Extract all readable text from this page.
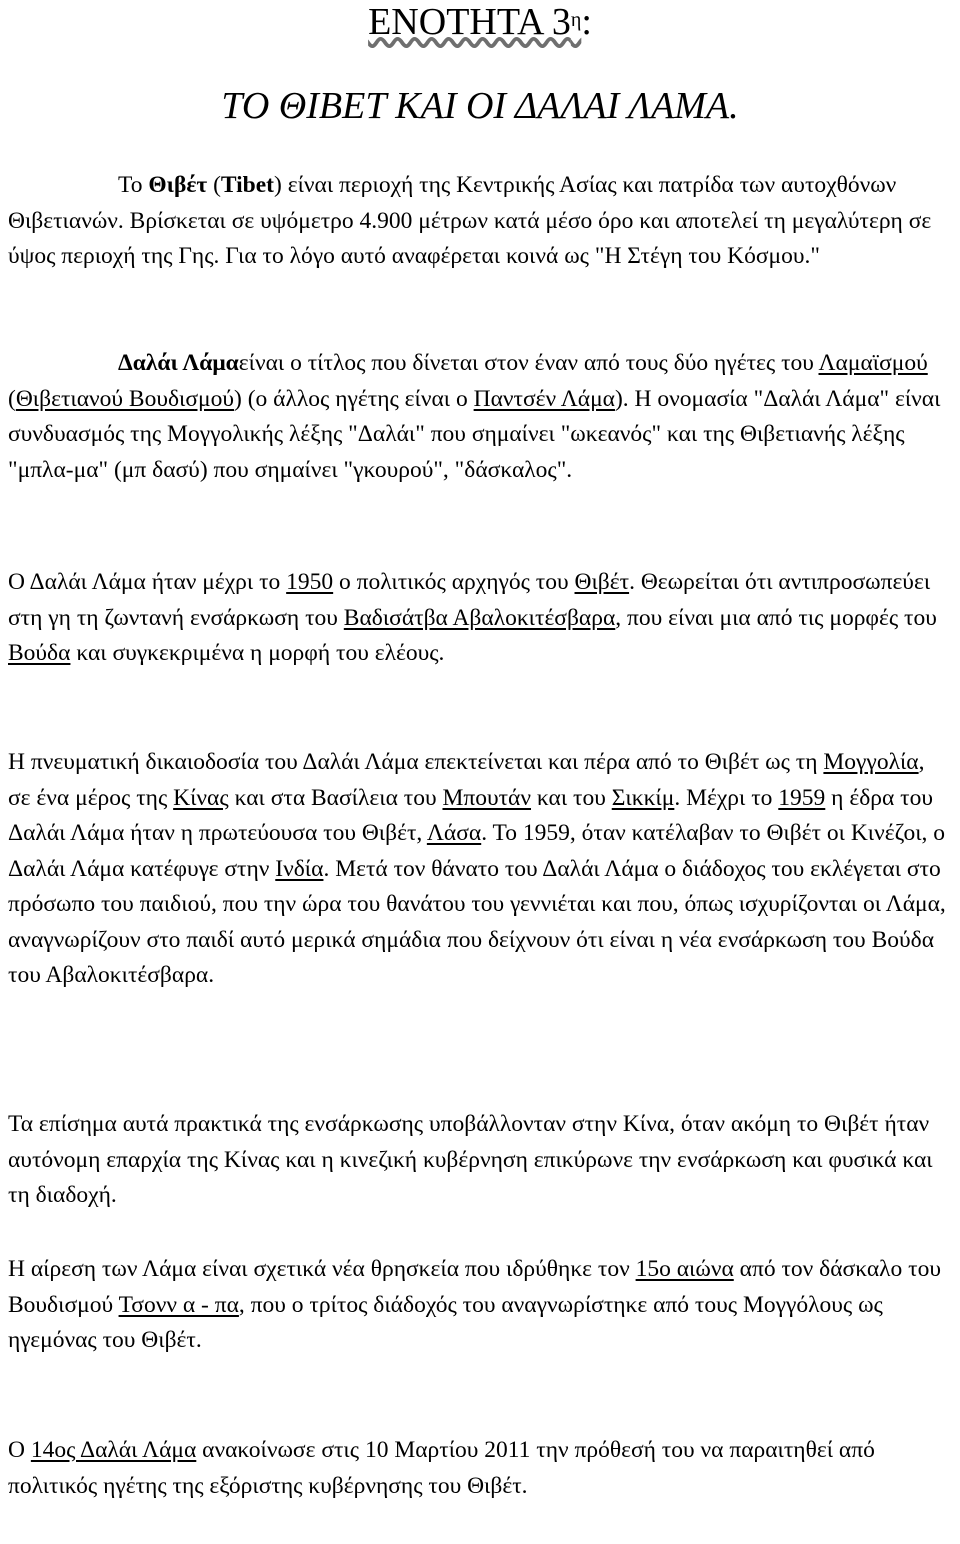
ΕΝΟΤΗΤΑ $3^\eta$:
ΤΟ ΘΙΒΕΤ ΚΑΙ ΟΙ ΔΑΛΑΙ ΛΑΜΑ.

Το Θιβέτ (Tibet) είναι περιοχή της Κεντρικής Ασίας και πατρίδα των αυτοχθόνων Θιβετιανών. Βρίσκεται σε υψόμετρο 4.900 μέτρων κατά μέσο όρο και αποτελεί τη μεγαλύτερη σε ύψος περιοχή της Γης. Για το λόγο αυτό αναφέρεται κοινά ως "Η Στέγη του Κόσμου."

Δαλάι Λάμαείναι ο τίτλος που δίνεται στον έναν από τους δύο ηγέτες του Λαμαϊσμού (Θιβετιανού Βουδισμού) (ο άλλος ηγέτης είναι ο Παντσέν Λάμα). Η ονομασία "Δαλάι Λάμα" είναι συνδυασμός της Μογγολικής λέξης "Δαλάι" που σημαίνει "ωκεανός" και της Θιβετιανής λέξης "μπλα-μα" (μπ δασύ) που σημαίνει "γκουρού", "δάσκαλος".

Ο Δαλάι Λάμα ήταν μέχρι το 1950 ο πολιτικός αρχηγός του Θιβέτ. Θεωρείται ότι αντιπροσωπεύει στη γη τη ζωντανή ενσάρκωση του Βαδισάτβα Αβαλοκιτέσβαρα, που είναι μια από τις μορφές του Βούδα και συγκεκριμένα η μορφή του ελέους.

Η πνευματική δικαιοδοσία του Δαλάι Λάμα επεκτείνεται και πέρα από το Θιβέτ ως τη Μογγολία, σε ένα μέρος της Κίνας και στα Βασίλεια του Μπουτάν και του Σικκίμ. Μέχρι το 1959 η έδρα του Δαλάι Λάμα ήταν η πρωτεύουσα του Θιβέτ, Λάσα. Το 1959, όταν κατέλαβαν το Θιβέτ οι Κινέζοι, ο Δαλάι Λάμα κατέφυγε στην Ινδία. Μετά τον θάνατο του Δαλάι Λάμα ο διάδοχος του εκλέγεται στο πρόσωπο του παιδιού, που την ώρα του θανάτου του γεννιέται και που, όπως ισχυρίζονται οι Λάμα, αναγνωρίζουν στο παιδί αυτό μερικά σημάδια που δείχνουν ότι είναι η νέα ενσάρκωση του Βούδα του Αβαλοκιτέσβαρα.

Τα επίσημα αυτά πρακτικά της ενσάρκωσης υποβάλλονταν στην Κίνα, όταν ακόμη το Θιβέτ ήταν αυτόνομη επαρχία της Κίνας και η κινεζική κυβέρνηση επικύρωνε την ενσάρκωση και φυσικά και τη διαδοχή.

Η αίρεση των Λάμα είναι σχετικά νέα θρησκεία που ιδρύθηκε τον 15ο αιώνα από τον δάσκαλο του Βουδισμού Τσονν α - πα, που ο τρίτος διάδοχός του αναγνωρίστηκε από τους Μογγόλους ως ηγεμόνας του Θιβέτ.

Ο 14ος Δαλάι Λάμα ανακοίνωσε στις 10 Μαρτίου 2011 την πρόθεσή του να παραιτηθεί από πολιτικός ηγέτης της εξόριστης κυβέρνησης του Θιβέτ.
